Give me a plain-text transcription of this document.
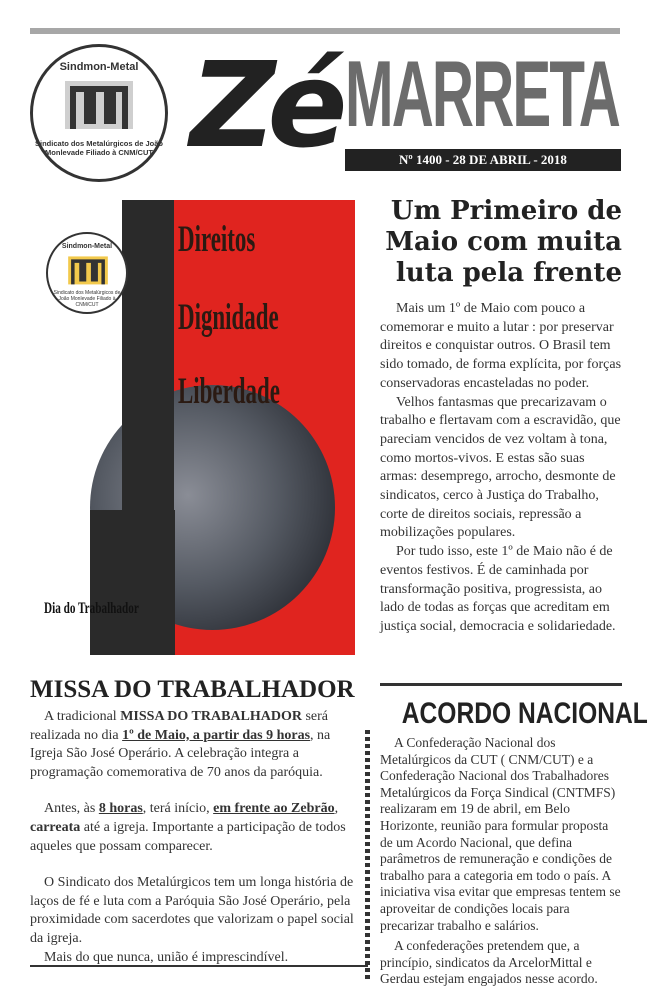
Sindmon-Metal
Sindicato dos Metalúrgicos de João Monlevade Filiado à CNM/CUT Zé MARRETA
Nº 1400 - 28 DE ABRIL - 2018
Direitos
Dignidade
Liberdade
Sindmon-Metal
Sindicato dos Metalúrgicos de João Monlevade Filiado à CNM/CUT
Dia do Trabalhador
Um Primeiro de Maio com muita luta pela frente

Mais um 1º de Maio com pouco a comemorar e muito a lutar : por preservar direitos e conquistar outros. O Brasil tem sido tomado, de forma explícita, por forças conservadoras encasteladas no poder.

Velhos fantasmas que precarizavam o trabalho e flertavam com a escravidão, que pareciam vencidos de vez voltam à tona, como mortos-vivos. E estas são suas armas: desemprego, arrocho, desmonte de sindicatos, cerco à Justiça do Trabalho, corte de direitos sociais, repressão a mobilizações populares.

Por tudo isso, este 1º de Maio não é de eventos festivos. É de caminhada por transformação positiva, progressista, ao lado de todas as forças que acreditam em justiça social, democracia e solidariedade.

MISSA DO TRABALHADOR

A tradicional MISSA DO TRABALHADOR será realizada no dia 1º de Maio, a partir das 9 horas, na Igreja São José Operário. A celebração integra a programação comemorativa de 70 anos da paróquia.

Antes, às 8 horas, terá início, em frente ao Zebrão, carreata até a igreja. Importante a participação de todos aqueles que possam comparecer.

O Sindicato dos Metalúrgicos tem um longa história de laços de fé e luta com a Paróquia São José Operário, pela proximidade com sacerdotes que valorizam o papel social da igreja.

Mais do que nunca, união é imprescindível.

ACORDO NACIONAL

A Confederação Nacional dos Metalúrgicos da CUT ( CNM/CUT) e a Confederação Nacional dos Trabalhadores Metalúrgicos da Força Sindical (CNTMFS) realizaram em 19 de abril, em Belo Horizonte, reunião para formular proposta de um Acordo Nacional, que defina parâmetros de remuneração e condições de trabalho para a categoria em todo o país. A iniciativa visa evitar que empresas tentem se aproveitar de condições locais para precarizar trabalho e salários.

A confederações pretendem que, a princípio, sindicatos da ArcelorMittal e Gerdau estejam engajados nesse acordo.
